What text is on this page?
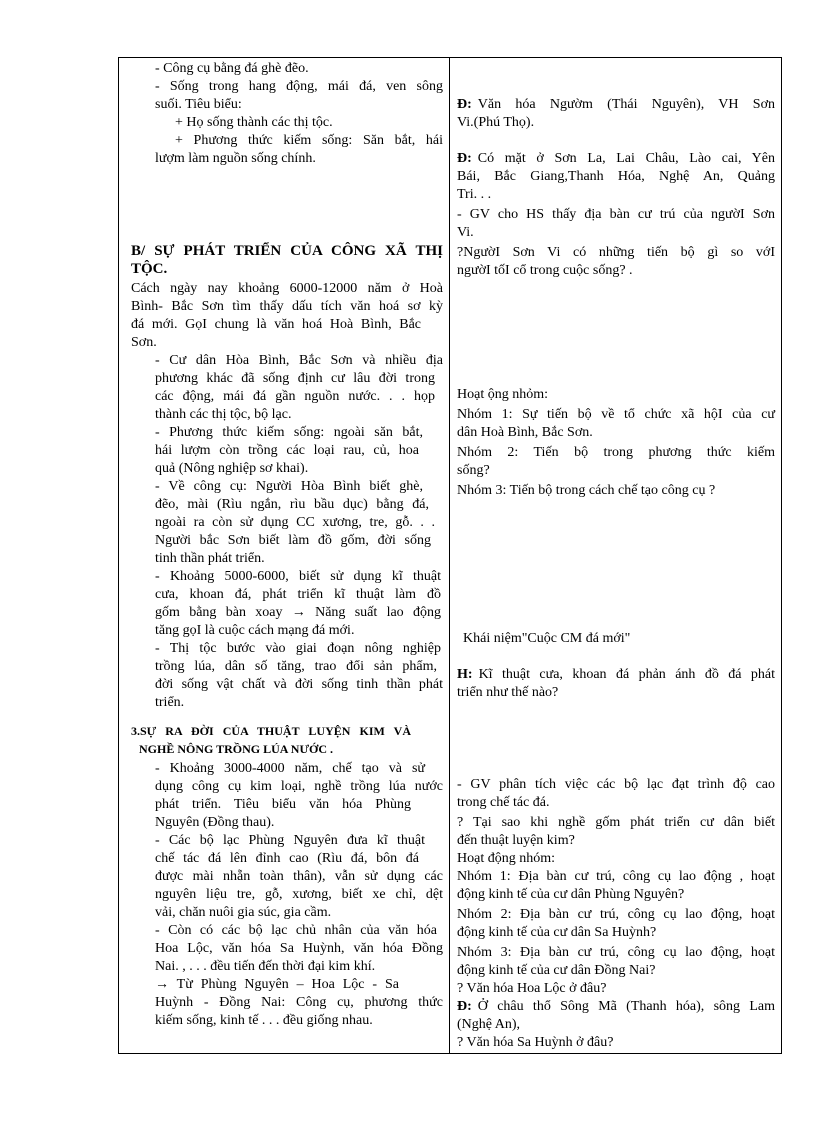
- Công cụ bằng đá ghè đẽo.
- Sống trong hang động, mái đá, ven sông
suối. Tiêu biểu:
+ Họ sống thành các thị tộc.
+ Phương thức kiếm sống: Săn bắt, hái
lượm làm nguồn sống chính.
B/ SỰ PHÁT TRIỂN CỦA CÔNG XÃ THỊ
TỘC.
Cách ngày nay khoảng 6000-12000 năm ở Hoà
Bình- Bắc Sơn tìm thấy dấu tích văn hoá sơ kỳ
đá mới. GọI chung là văn hoá Hoà Bình, Bắc
Sơn.
- Cư dân Hòa Bình, Bắc Sơn và nhiều địa
phương khác đã sống định cư lâu đời trong
các động, mái đá gần nguồn nước. . . họp
thành các thị tộc, bộ lạc.
- Phương thức kiếm sống: ngoài săn bắt,
hái lượm còn trồng các loại rau, củ, hoa
quả (Nông nghiệp sơ khai).
- Về công cụ: Người Hòa Bình biết ghè,
đẽo, mài (Rìu ngắn, rìu bầu dục) bằng đá,
ngoài ra còn sử dụng CC xương, tre, gỗ. . .
Người bắc Sơn biết làm đồ gốm, đời sống
tinh thần phát triển.
- Khoảng 5000-6000, biết sử dụng kĩ thuật
cưa, khoan đá, phát triển kĩ thuật làm đồ
gốm bằng bàn xoay → Năng suất lao động
tăng gọI là cuộc cách mạng đá mới.
- Thị tộc bước vào giai đoạn nông nghiệp
trồng lúa, dân số tăng, trao đổi sản phẩm,
đời sống vật chất và đời sống tinh thần phát
triển.
3.SỰ RA ĐỜI CỦA THUẬT LUYỆN KIM VÀ
NGHỀ NÔNG TRỒNG LÚA NƯỚC .
- Khoảng 3000-4000 năm, chế tạo và sử
dụng công cụ kim loại, nghề trồng lúa nước
phát triển. Tiêu biểu văn hóa Phùng
Nguyên (Đồng thau).
- Các bộ lạc Phùng Nguyên đưa kĩ thuật
chế tác đá lên đỉnh cao (Rìu đá, bôn đá
được mài nhẵn toàn thân), vẫn sử dụng các
nguyên liệu tre, gỗ, xương, biết xe chỉ, dệt
vải, chăn nuôi gia súc, gia cầm.
- Còn có các bộ lạc chủ nhân của văn hóa
Hoa Lộc, văn hóa Sa Huỳnh, văn hóa Đồng
Nai. , . . . đều tiến đến thời đại kim khí.
→ Từ Phùng Nguyên – Hoa Lộc - Sa
Huỳnh - Đồng Nai: Công cụ, phương thức
kiếm sống, kinh tế . . . đều giống nhau.
Đ: Văn hóa Ngườm (Thái Nguyên), VH Sơn
Vi.(Phú Thọ).
Đ: Có mặt ở Sơn La, Lai Châu, Lào cai, Yên
Bái, Bắc Giang,Thanh Hóa, Nghệ An, Quảng
Tri. . .
- GV cho HS thấy địa bàn cư trú của ngườI Sơn
Vi.
?NgườI Sơn Vi có những tiến bộ gì so vớI
ngườI tốI cổ trong cuộc sống? .
Hoạt ộng nhỏm:
Nhóm 1: Sự tiến bộ về tổ chức xã hộI của cư
dân Hoà Bình, Bắc Sơn.
Nhóm 2: Tiến bộ trong phương thức kiếm
sống?
Nhóm 3: Tiến bộ trong cách chế tạo công cụ ?
Khái niệm"Cuộc CM đá mới"
H: Kĩ thuật cưa, khoan đá phản ánh đồ đá phát
triển như thế nào?
- GV phân tích việc các bộ lạc đạt trình độ cao
trong chế tác đá.
? Tại sao khi nghề gốm phát triển cư dân biết
đến thuật luyện kim?
Hoạt động nhóm:
Nhóm 1: Địa bàn cư trú, công cụ lao động , hoạt
động kinh tế của cư dân Phùng Nguyên?
Nhóm 2: Địa bàn cư trú, công cụ lao động, hoạt
động kinh tế của cư dân Sa Huỳnh?
Nhóm 3: Địa bàn cư trú, công cụ lao động, hoạt
động kinh tế của cư dân Đồng Nai?
? Văn hóa Hoa Lộc ở đâu?
Đ: Ở châu thổ Sông Mã (Thanh hóa), sông Lam
(Nghệ An),
? Văn hóa Sa Huỳnh ở đâu?
